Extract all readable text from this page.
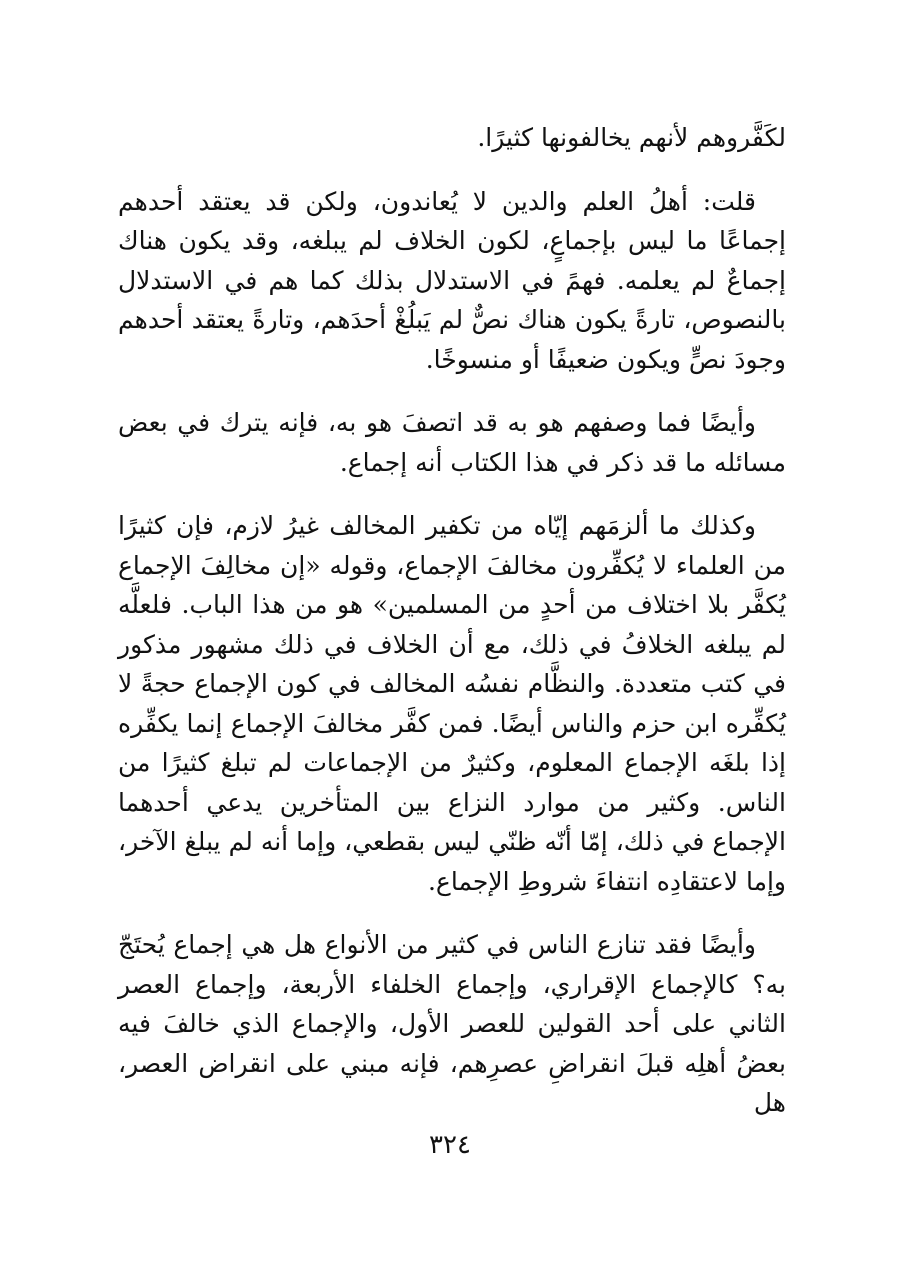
لكَفَّروهم لأنهم يخالفونها كثيرًا.

قلت: أهلُ العلم والدين لا يُعاندون، ولكن قد يعتقد أحدهم إجماعًا ما ليس بإجماعٍ، لكون الخلاف لم يبلغه، وقد يكون هناك إجماعٌ لم يعلمه. فهمً في الاستدلال بذلك كما هم في الاستدلال بالنصوص، تارةً يكون هناك نصٌّ لم يَبلُغْ أحدَهم، وتارةً يعتقد أحدهم وجودَ نصٍّ ويكون ضعيفًا أو منسوخًا.

وأيضًا فما وصفهم هو به قد اتصفَ هو به، فإنه يترك في بعض مسائله ما قد ذكر في هذا الكتاب أنه إجماع.

وكذلك ما ألزمَهم إيّاه من تكفير المخالف غيرُ لازم، فإن كثيرًا من العلماء لا يُكفِّرون مخالفَ الإجماع، وقوله «إن مخالِفَ الإجماع يُكفَّر بلا اختلاف من أحدٍ من المسلمين» هو من هذا الباب. فلعلَّه لم يبلغه الخلافُ في ذلك، مع أن الخلاف في ذلك مشهور مذكور في كتب متعددة. والنظَّام نفسُه المخالف في كون الإجماع حجةً لا يُكفِّره ابن حزم والناس أيضًا. فمن كفَّر مخالفَ الإجماع إنما يكفِّره إذا بلغَه الإجماع المعلوم، وكثيرٌ من الإجماعات لم تبلغ كثيرًا من الناس. وكثير من موارد النزاع بين المتأخرين يدعي أحدهما الإجماع في ذلك، إمّا أنّه ظنّي ليس بقطعي، وإما أنه لم يبلغ الآخر، وإما لاعتقادِه انتفاءَ شروطِ الإجماع.

وأيضًا فقد تنازع الناس في كثير من الأنواع هل هي إجماع يُحتَجّ به؟ كالإجماع الإقراري، وإجماع الخلفاء الأربعة، وإجماع العصر الثاني على أحد القولين للعصر الأول، والإجماع الذي خالفَ فيه بعضُ أهلِه قبلَ انقراضِ عصرِهم، فإنه مبني على انقراض العصر، هل

٣٢٤
